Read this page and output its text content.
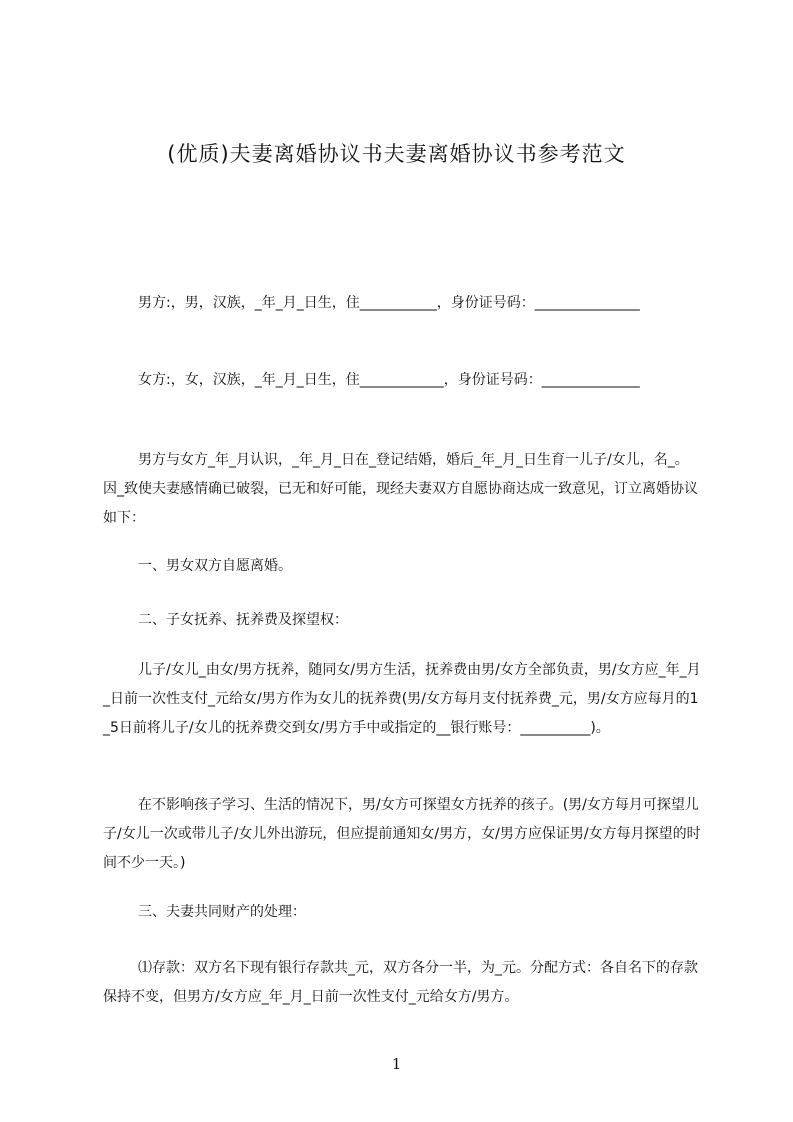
(优质)夫妻离婚协议书夫妻离婚协议书参考范文

男方:，男，汉族，_年_月_日生，住___________，身份证号码：_______________

女方:，女，汉族，_年_月_日生，住____________，身份证号码：______________

男方与女方_年_月认识，_年_月_日在_登记结婚，婚后_年_月_日生育一儿子/女儿，名_。因_致使夫妻感情确已破裂，已无和好可能，现经夫妻双方自愿协商达成一致意见，订立离婚协议如下：

一、男女双方自愿离婚。

二、子女抚养、抚养费及探望权：

儿子/女儿_由女/男方抚养，随同女/男方生活，抚养费由男/女方全部负责，男/女方应_年_月_日前一次性支付_元给女/男方作为女儿的抚养费(男/女方每月支付抚养费_元，男/女方应每月的1_5日前将儿子/女儿的抚养费交到女/男方手中或指定的__银行账号：__________)。

在不影响孩子学习、生活的情况下，男/女方可探望女方抚养的孩子。(男/女方每月可探望儿子/女儿一次或带儿子/女儿外出游玩，但应提前通知女/男方，女/男方应保证男/女方每月探望的时间不少一天。)

三、夫妻共同财产的处理：

⑴存款：双方名下现有银行存款共_元，双方各分一半，为_元。分配方式：各自名下的存款保持不变，但男方/女方应_年_月_日前一次性支付_元给女方/男方。

1
